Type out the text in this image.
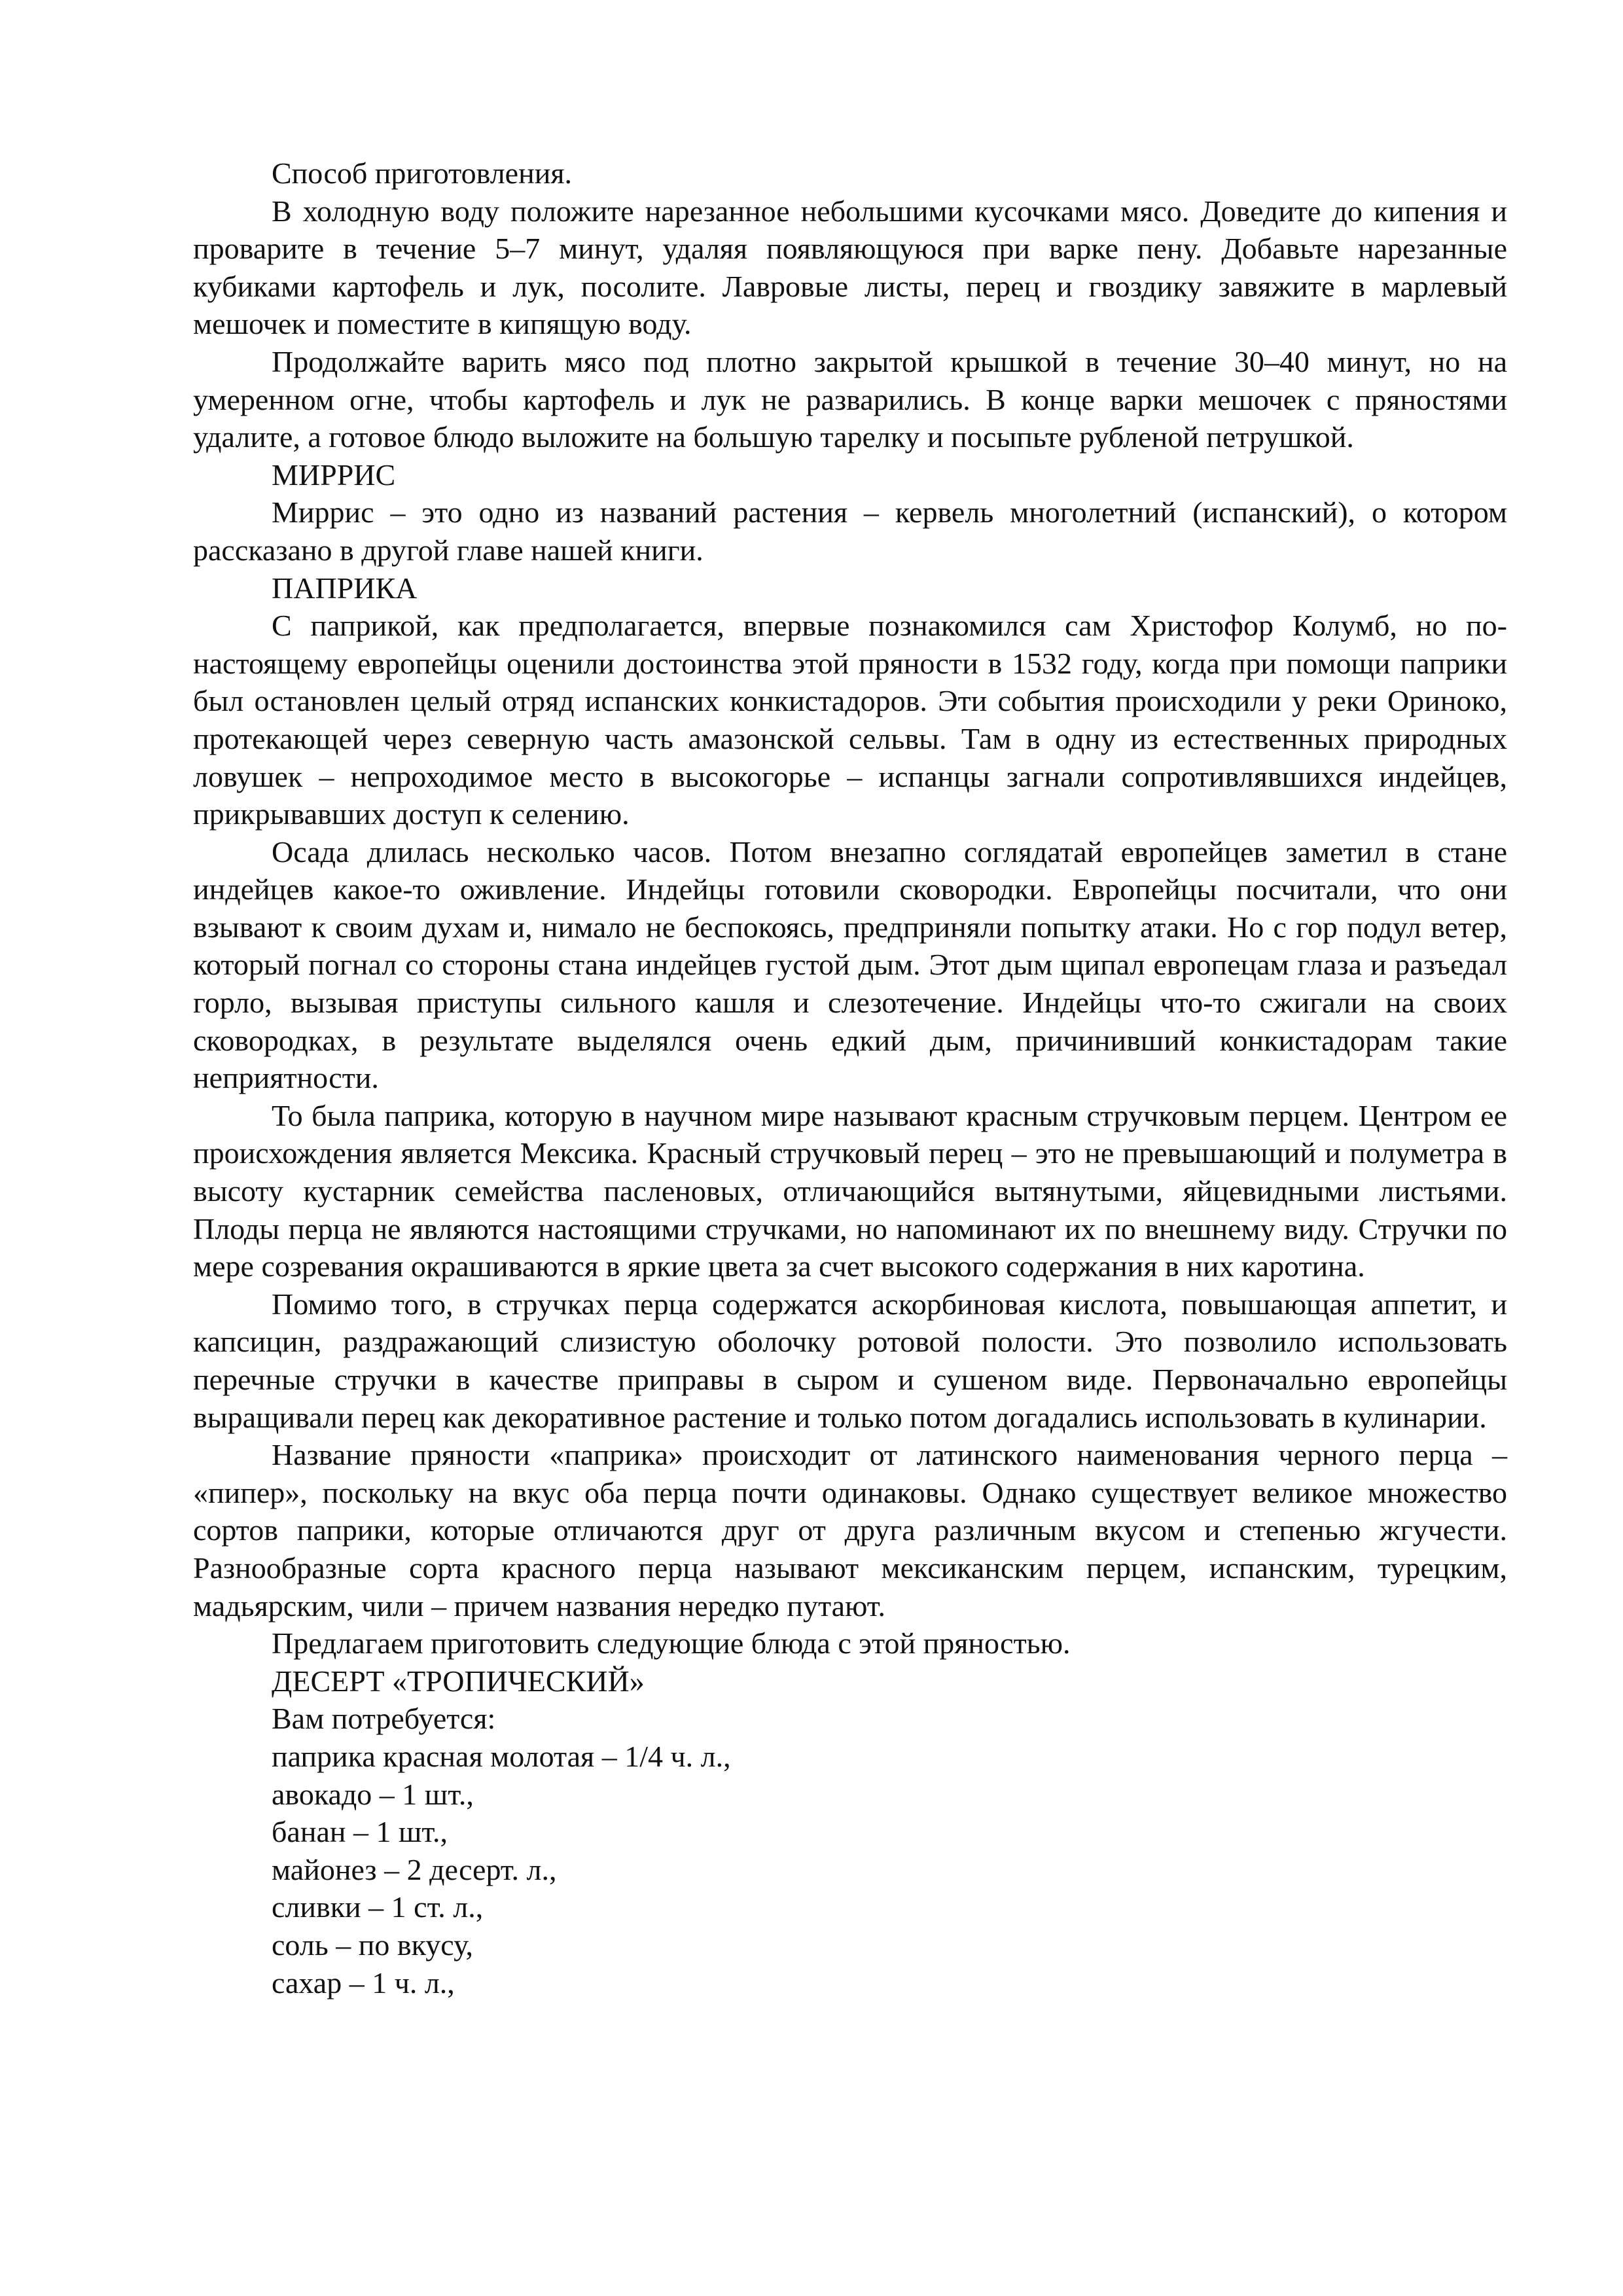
Способ приготовления.

В холодную воду положите нарезанное небольшими кусочками мясо. Доведите до кипения и проварите в течение 5–7 минут, удаляя появляющуюся при варке пену. Добавьте нарезанные кубиками картофель и лук, посолите. Лавровые листы, перец и гвоздику завяжите в марлевый мешочек и поместите в кипящую воду.

Продолжайте варить мясо под плотно закрытой крышкой в течение 30–40 минут, но на умеренном огне, чтобы картофель и лук не разварились. В конце варки мешочек с пряностями удалите, а готовое блюдо выложите на большую тарелку и посыпьте рубленой петрушкой.

МИРРИС

Миррис – это одно из названий растения – кервель многолетний (испанский), о котором рассказано в другой главе нашей книги.

ПАПРИКА

С паприкой, как предполагается, впервые познакомился сам Христофор Колумб, но по-настоящему европейцы оценили достоинства этой пряности в 1532 году, когда при помощи паприки был остановлен целый отряд испанских конкистадоров. Эти события происходили у реки Ориноко, протекающей через северную часть амазонской сельвы. Там в одну из естественных природных ловушек – непроходимое место в высокогорье – испанцы загнали сопротивлявшихся индейцев, прикрывавших доступ к селению.

Осада длилась несколько часов. Потом внезапно соглядатай европейцев заметил в стане индейцев какое-то оживление. Индейцы готовили сковородки. Европейцы посчитали, что они взывают к своим духам и, нимало не беспокоясь, предприняли попытку атаки. Но с гор подул ветер, который погнал со стороны стана индейцев густой дым. Этот дым щипал европецам глаза и разъедал горло, вызывая приступы сильного кашля и слезотечение. Индейцы что-то сжигали на своих сковородках, в результате выделялся очень едкий дым, причинивший конкистадорам такие неприятности.

То была паприка, которую в научном мире называют красным стручковым перцем. Центром ее происхождения является Мексика. Красный стручковый перец – это не превышающий и полуметра в высоту кустарник семейства пасленовых, отличающийся вытянутыми, яйцевидными листьями. Плоды перца не являются настоящими стручками, но напоминают их по внешнему виду. Стручки по мере созревания окрашиваются в яркие цвета за счет высокого содержания в них каротина.

Помимо того, в стручках перца содержатся аскорбиновая кислота, повышающая аппетит, и капсицин, раздражающий слизистую оболочку ротовой полости. Это позволило использовать перечные стручки в качестве приправы в сыром и сушеном виде. Первоначально европейцы выращивали перец как декоративное растение и только потом догадались использовать в кулинарии.

Название пряности «паприка» происходит от латинского наименования черного перца – «пипер», поскольку на вкус оба перца почти одинаковы. Однако существует великое множество сортов паприки, которые отличаются друг от друга различным вкусом и степенью жгучести. Разнообразные сорта красного перца называют мексиканским перцем, испанским, турецким, мадьярским, чили – причем названия нередко путают.

Предлагаем приготовить следующие блюда с этой пряностью.

ДЕСЕРТ «ТРОПИЧЕСКИЙ»

Вам потребуется:

паприка красная молотая – 1/4 ч. л.,

авокадо – 1 шт.,

банан – 1 шт.,

майонез – 2 десерт. л.,

сливки – 1 ст. л.,

соль – по вкусу,

сахар – 1 ч. л.,
